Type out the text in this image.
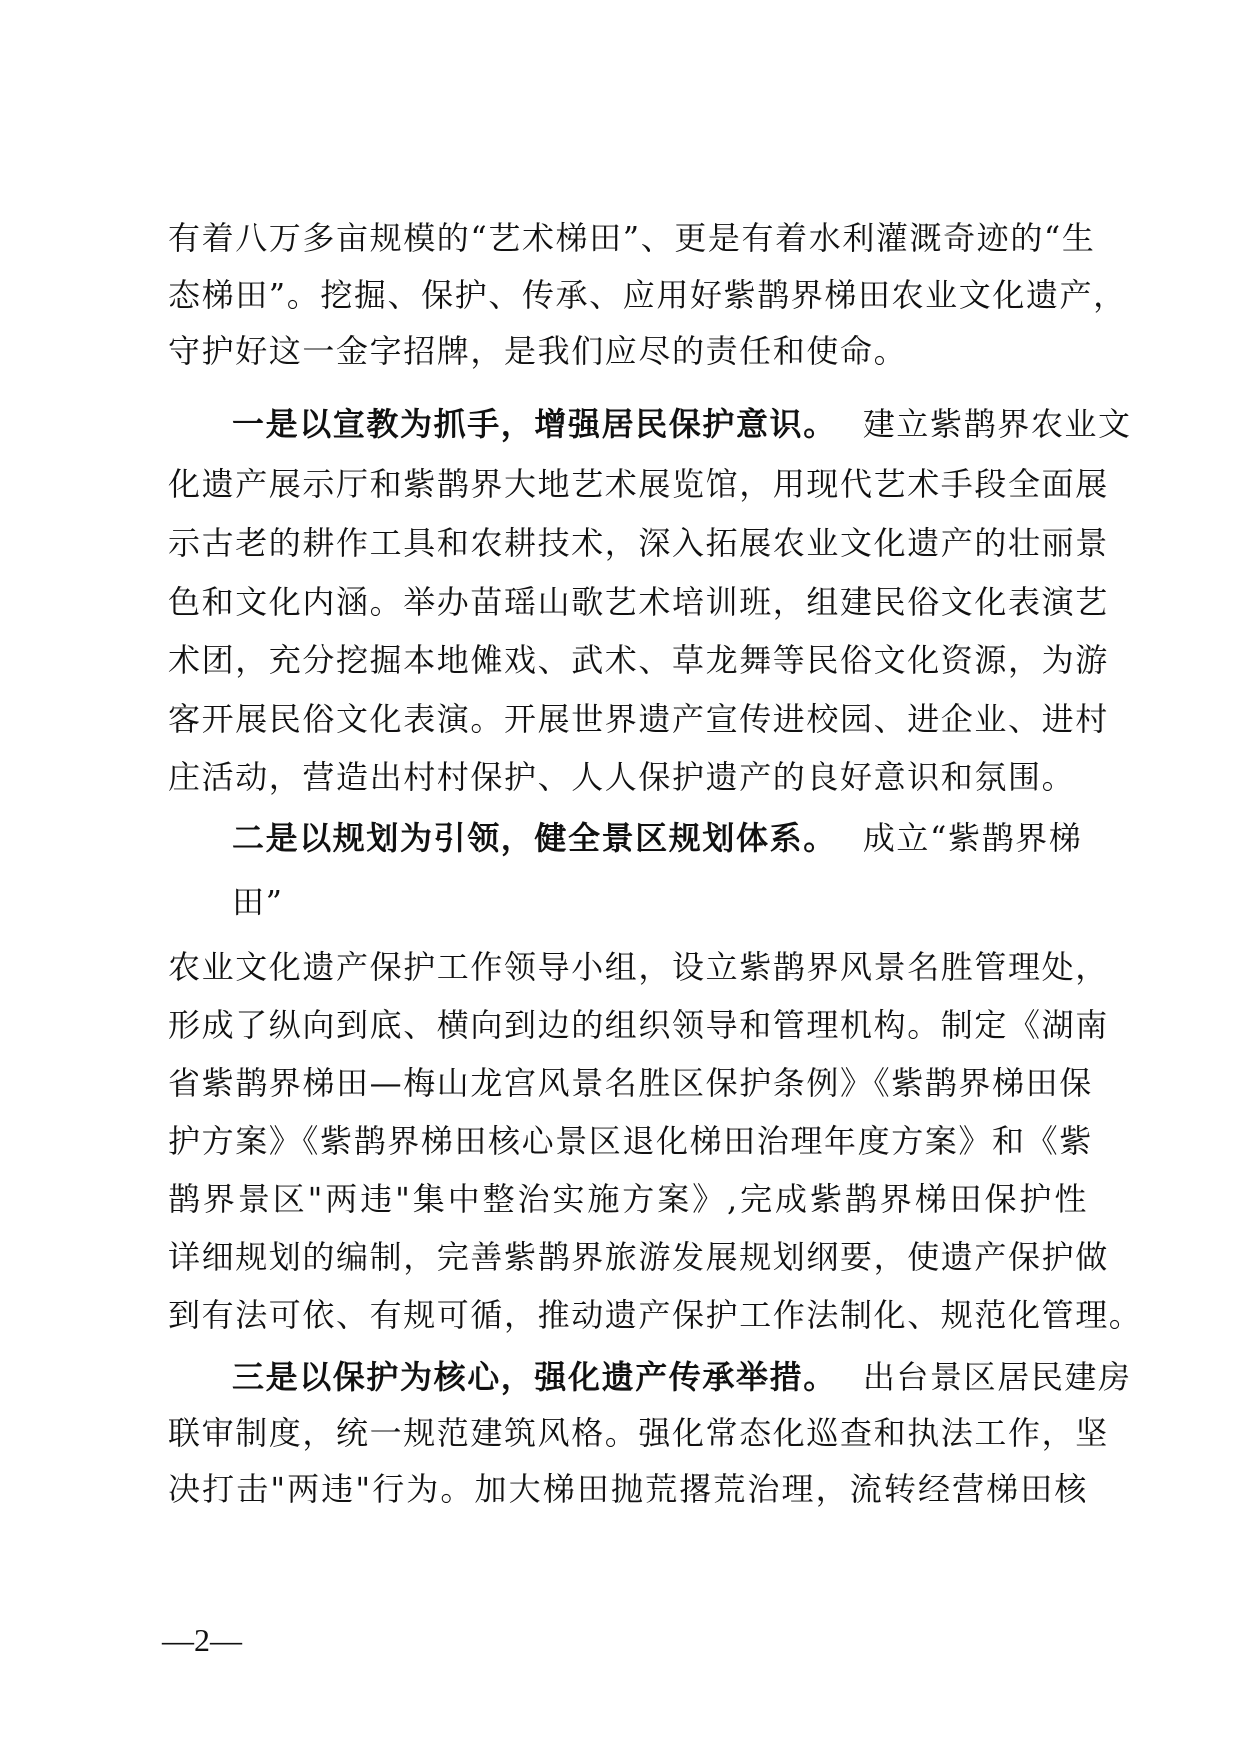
有着八万多亩规模的“艺术梯田”、更是有着水利灌溉奇迹的“生

态梯田”。挖掘、保护、传承、应用好紫鹊界梯田农业文化遗产，

守护好这一金字招牌，是我们应尽的责任和使命。

一是以宣教为抓手，增强居民保护意识。 建立紫鹊界农业文

化遗产展示厅和紫鹊界大地艺术展览馆，用现代艺术手段全面展

示古老的耕作工具和农耕技术，深入拓展农业文化遗产的壮丽景

色和文化内涵。举办苗瑶山歌艺术培训班，组建民俗文化表演艺

术团，充分挖掘本地傩戏、武术、草龙舞等民俗文化资源，为游

客开展民俗文化表演。开展世界遗产宣传进校园、进企业、进村

庄活动，营造出村村保护、人人保护遗产的良好意识和氛围。

二是以规划为引领，健全景区规划体系。 成立“紫鹊界梯

田”

农业文化遗产保护工作领导小组，设立紫鹊界风景名胜管理处，

形成了纵向到底、横向到边的组织领导和管理机构。制定《湖南

省紫鹊界梯田—梅山龙宫风景名胜区保护条例》《紫鹊界梯田保

护方案》《紫鹊界梯田核心景区退化梯田治理年度方案》和《紫

鹊界景区"两违"集中整治实施方案》,完成紫鹊界梯田保护性

详细规划的编制，完善紫鹊界旅游发展规划纲要，使遗产保护做

到有法可依、有规可循，推动遗产保护工作法制化、规范化管理。

三是以保护为核心，强化遗产传承举措。 出台景区居民建房

联审制度，统一规范建筑风格。强化常态化巡查和执法工作，坚

决打击"两违"行为。加大梯田抛荒撂荒治理，流转经营梯田核

—2—
